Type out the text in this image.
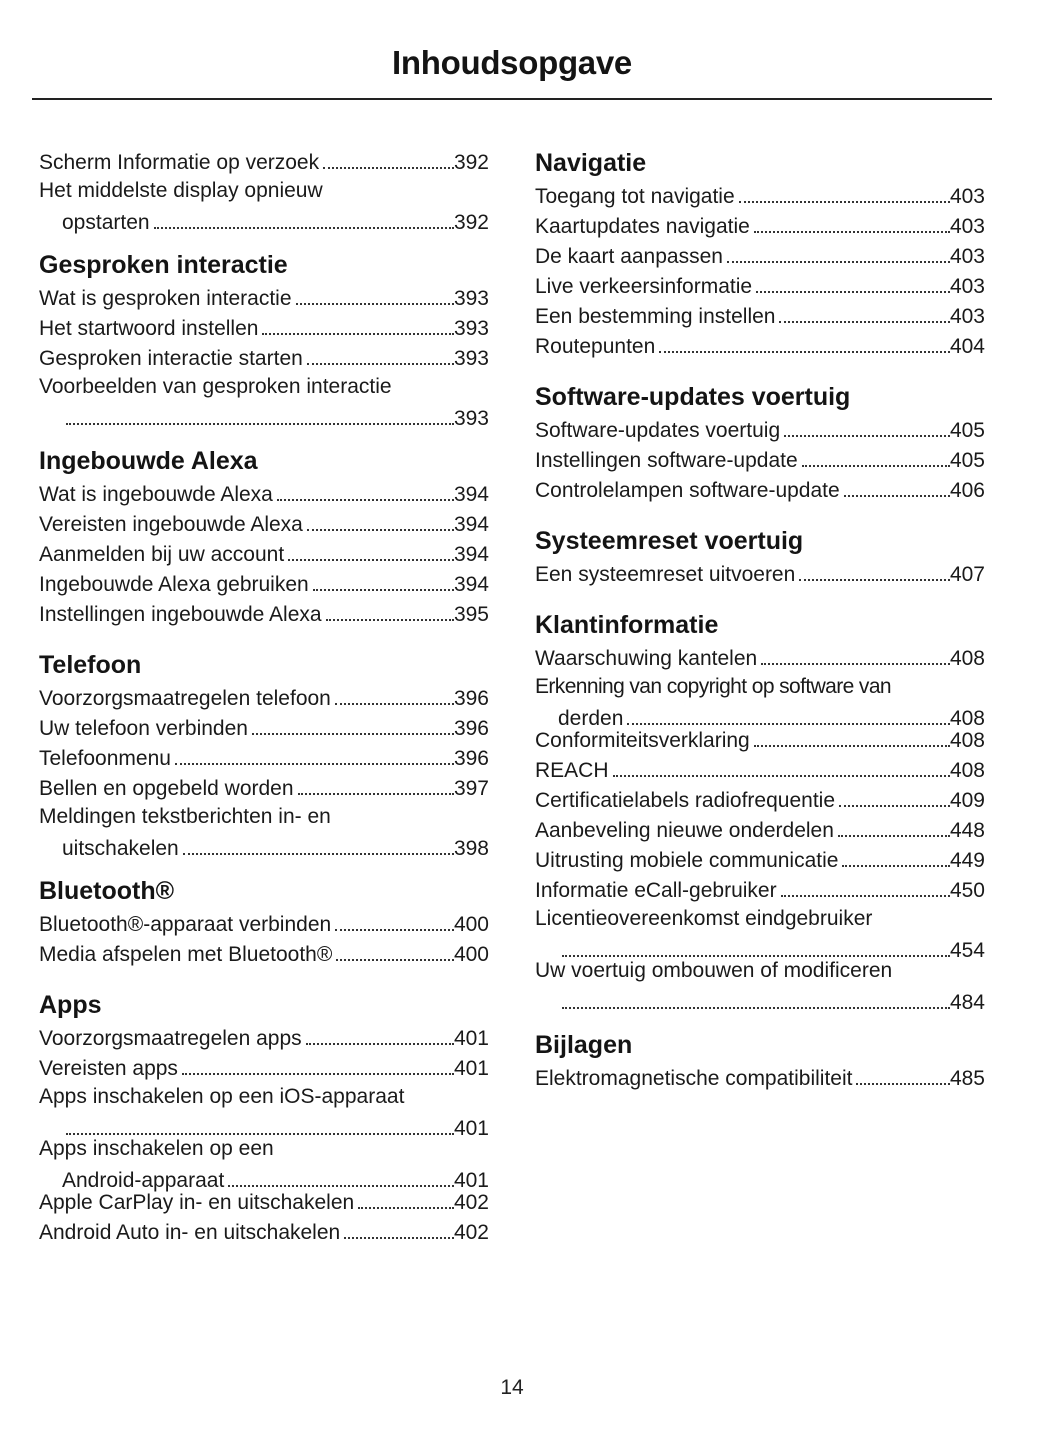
Inhoudsopgave
Scherm Informatie op verzoek	392
Het middelste display opnieuw
opstarten	392
Gesproken interactie
Wat is gesproken interactie	393
Het startwoord instellen	393
Gesproken interactie starten	393
Voorbeelden van gesproken interactie
393
Ingebouwde Alexa
Wat is ingebouwde Alexa	394
Vereisten ingebouwde Alexa	394
Aanmelden bij uw account	394
Ingebouwde Alexa gebruiken	394
Instellingen ingebouwde Alexa	395
Telefoon
Voorzorgsmaatregelen telefoon	396
Uw telefoon verbinden	396
Telefoonmenu	396
Bellen en opgebeld worden	397
Meldingen tekstberichten in- en
uitschakelen	398
Bluetooth®
Bluetooth®-apparaat verbinden	400
Media afspelen met Bluetooth®	400
Apps
Voorzorgsmaatregelen apps	401
Vereisten apps	401
Apps inschakelen op een iOS-apparaat
401
Apps inschakelen op een
Android-apparaat	401
Apple CarPlay in- en uitschakelen	402
Android Auto in- en uitschakelen	402
Navigatie
Toegang tot navigatie	403
Kaartupdates navigatie	403
De kaart aanpassen	403
Live verkeersinformatie	403
Een bestemming instellen	403
Routepunten	404
Software-updates voertuig
Software-updates voertuig	405
Instellingen software-update	405
Controlelampen software-update	406
Systeemreset voertuig
Een systeemreset uitvoeren	407
Klantinformatie
Waarschuwing kantelen	408
Erkenning van copyright op software van
derden	408
Conformiteitsverklaring	408
REACH	408
Certificatielabels radiofrequentie	409
Aanbeveling nieuwe onderdelen	448
Uitrusting mobiele communicatie	449
Informatie eCall-gebruiker	450
Licentieovereenkomst eindgebruiker
454
Uw voertuig ombouwen of modificeren
484
Bijlagen
Elektromagnetische compatibiliteit	485
14
